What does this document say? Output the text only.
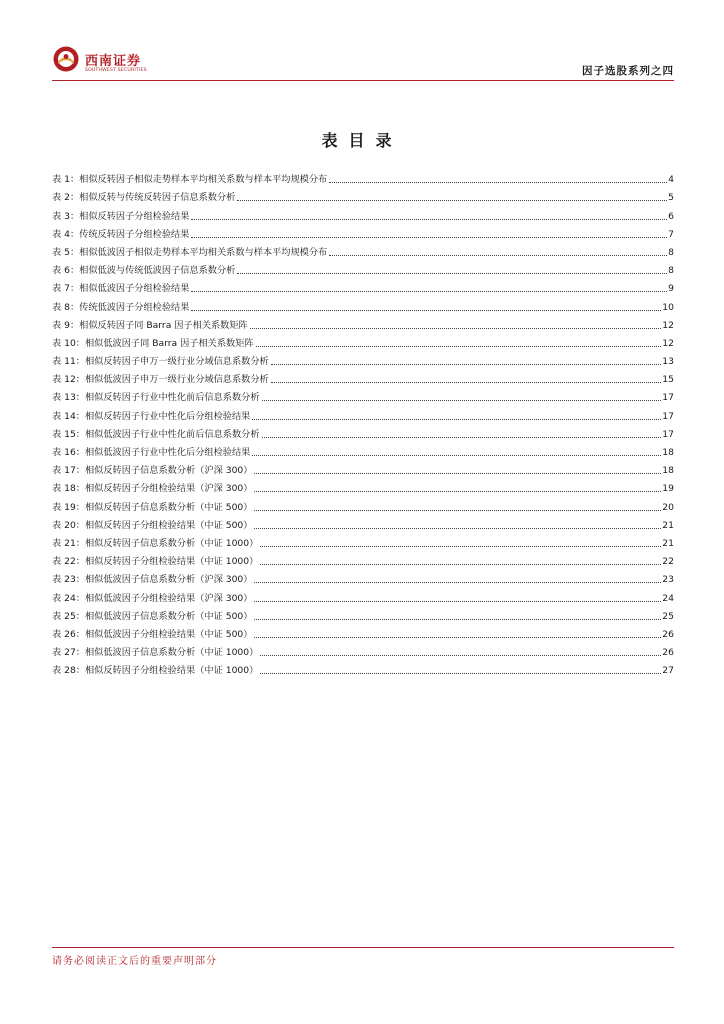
西南证券
SOUTHWEST SECURITIES	因子选股系列之四
表目录
表 1：相似反转因子相似走势样本平均相关系数与样本平均规模分布	4
表 2：相似反转与传统反转因子信息系数分析	5
表 3：相似反转因子分组检验结果	6
表 4：传统反转因子分组检验结果	7
表 5：相似低波因子相似走势样本平均相关系数与样本平均规模分布	8
表 6：相似低波与传统低波因子信息系数分析	8
表 7：相似低波因子分组检验结果	9
表 8：传统低波因子分组检验结果	10
表 9：相似反转因子同 Barra 因子相关系数矩阵	12
表 10：相似低波因子同 Barra 因子相关系数矩阵	12
表 11：相似反转因子申万一级行业分域信息系数分析	13
表 12：相似低波因子申万一级行业分域信息系数分析	15
表 13：相似反转因子行业中性化前后信息系数分析	17
表 14：相似反转因子行业中性化后分组检验结果	17
表 15：相似低波因子行业中性化前后信息系数分析	17
表 16：相似低波因子行业中性化后分组检验结果	18
表 17：相似反转因子信息系数分析（沪深 300）	18
表 18：相似反转因子分组检验结果（沪深 300）	19
表 19：相似反转因子信息系数分析（中证 500）	20
表 20：相似反转因子分组检验结果（中证 500）	21
表 21：相似反转因子信息系数分析（中证 1000）	21
表 22：相似反转因子分组检验结果（中证 1000）	22
表 23：相似低波因子信息系数分析（沪深 300）	23
表 24：相似低波因子分组检验结果（沪深 300）	24
表 25：相似低波因子信息系数分析（中证 500）	25
表 26：相似低波因子分组检验结果（中证 500）	26
表 27：相似低波因子信息系数分析（中证 1000）	26
表 28：相似反转因子分组检验结果（中证 1000）	27
请务必阅读正文后的重要声明部分
